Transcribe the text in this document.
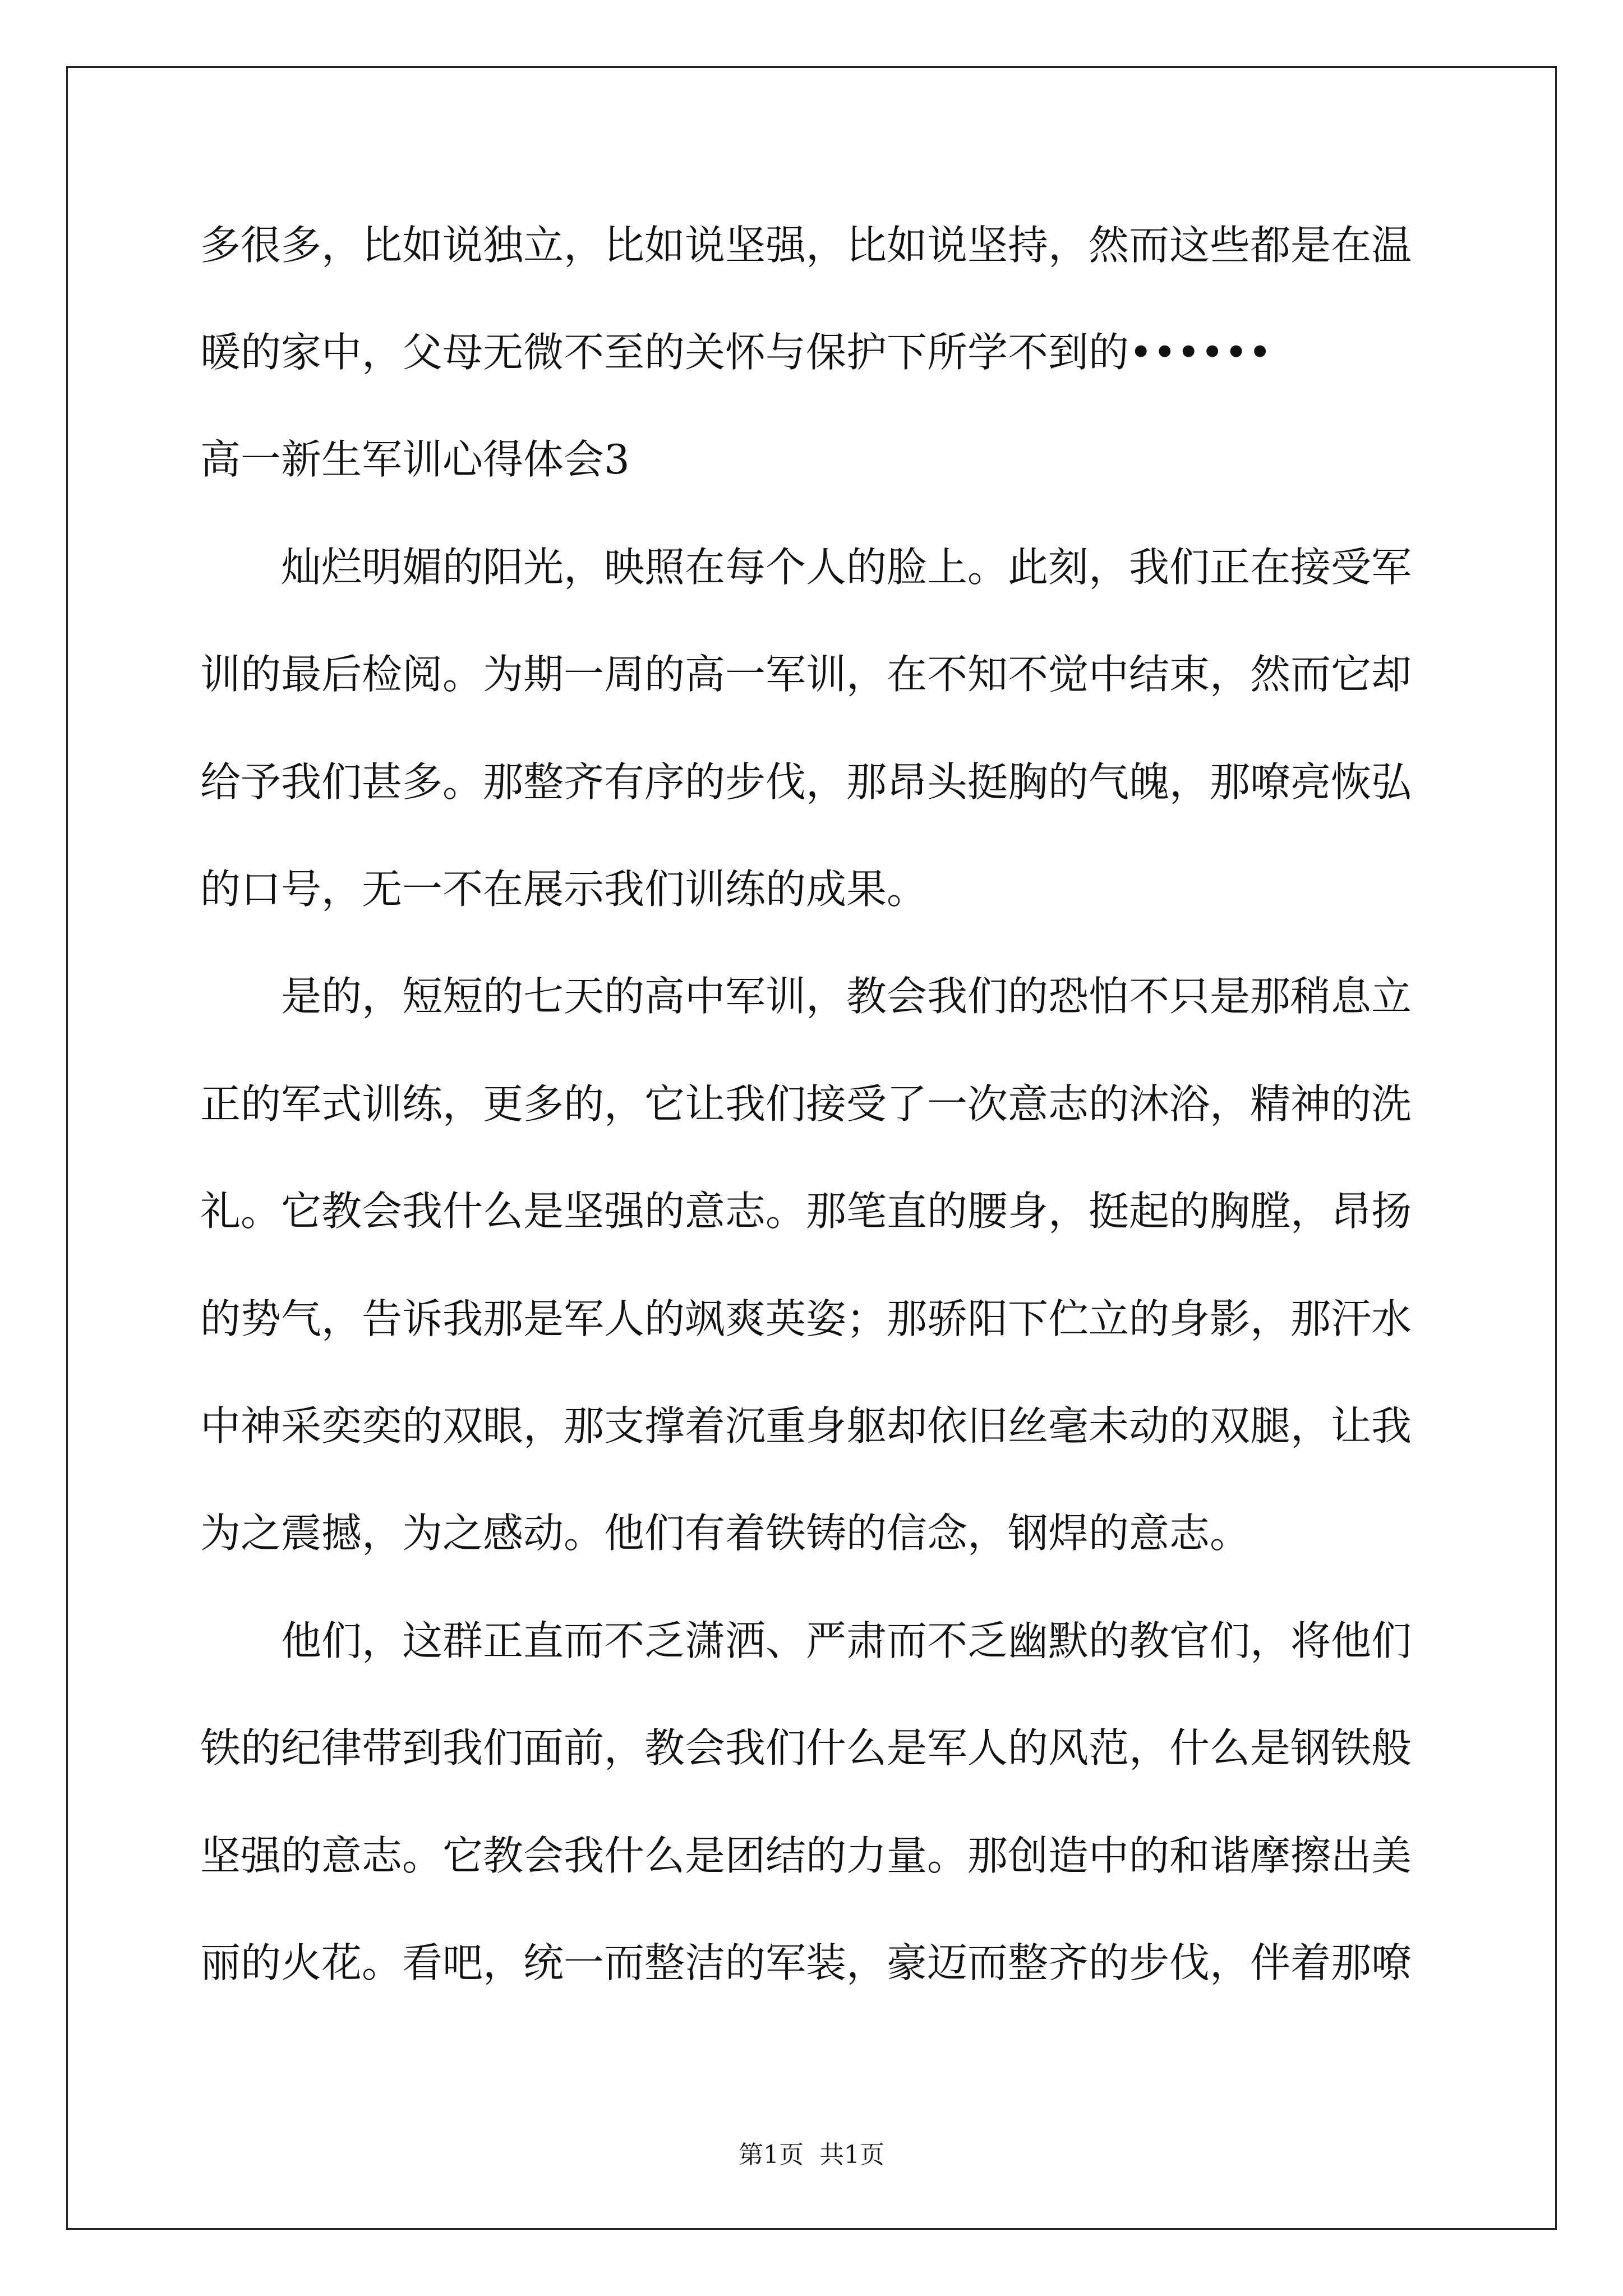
多很多，比如说独立，比如说坚强，比如说坚持，然而这些都是在温
暖的家中，父母无微不至的关怀与保护下所学不到的••••••
高一新生军训心得体会3
灿烂明媚的阳光，映照在每个人的脸上。此刻，我们正在接受军
训的最后检阅。为期一周的高一军训，在不知不觉中结束，然而它却
给予我们甚多。那整齐有序的步伐，那昂头挺胸的气魄，那嘹亮恢弘
的口号，无一不在展示我们训练的成果。
是的，短短的七天的高中军训，教会我们的恐怕不只是那稍息立
正的军式训练，更多的，它让我们接受了一次意志的沐浴，精神的洗
礼。它教会我什么是坚强的意志。那笔直的腰身，挺起的胸膛，昂扬
的势气，告诉我那是军人的飒爽英姿；那骄阳下伫立的身影，那汗水
中神采奕奕的双眼，那支撑着沉重身躯却依旧丝毫未动的双腿，让我
为之震撼，为之感动。他们有着铁铸的信念，钢焊的意志。
他们，这群正直而不乏潇洒、严肃而不乏幽默的教官们，将他们
铁的纪律带到我们面前，教会我们什么是军人的风范，什么是钢铁般
坚强的意志。它教会我什么是团结的力量。那创造中的和谐摩擦出美
丽的火花。看吧，统一而整洁的军装，豪迈而整齐的步伐，伴着那嘹
第1页 共1页
